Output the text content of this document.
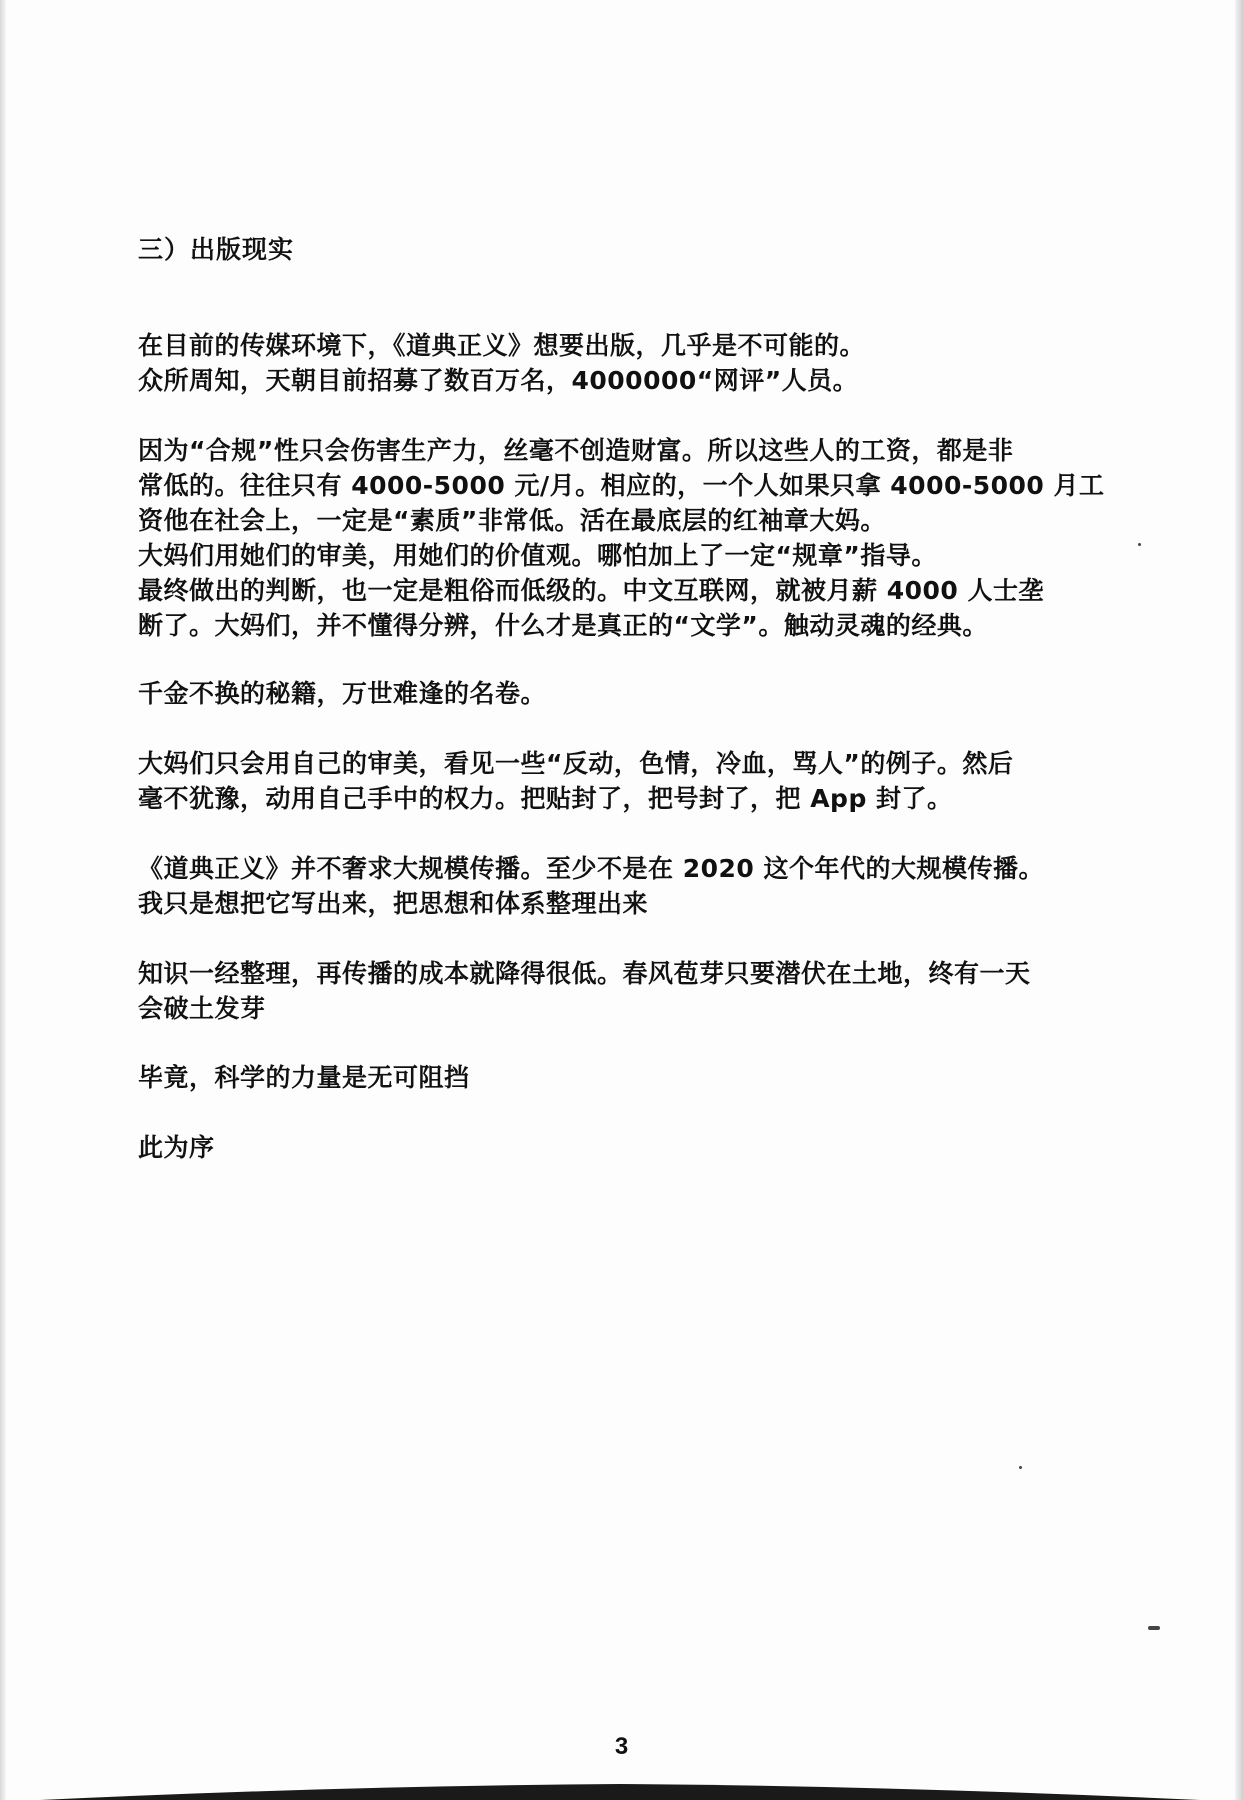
三）出版现实
在目前的传媒环境下，《道典正义》想要出版，几乎是不可能的。
众所周知，天朝目前招募了数百万名，4000000“网评”人员。
因为“合规”性只会伤害生产力，丝毫不创造财富。所以这些人的工资，都是非
常低的。往往只有 4000-5000 元/月。相应的，一个人如果只拿 4000-5000 月工
资他在社会上，一定是“素质”非常低。活在最底层的红袖章大妈。
大妈们用她们的审美，用她们的价值观。哪怕加上了一定“规章”指导。
最终做出的判断，也一定是粗俗而低级的。中文互联网，就被月薪 4000 人士垄
断了。大妈们，并不懂得分辨，什么才是真正的“文学”。触动灵魂的经典。
千金不换的秘籍，万世难逢的名卷。
大妈们只会用自己的审美，看见一些“反动，色情，冷血，骂人”的例子。然后
毫不犹豫，动用自己手中的权力。把贴封了，把号封了，把 App 封了。
《道典正义》并不奢求大规模传播。至少不是在 2020 这个年代的大规模传播。
我只是想把它写出来，把思想和体系整理出来
知识一经整理，再传播的成本就降得很低。春风苞芽只要潜伏在土地，终有一天
会破土发芽
毕竟，科学的力量是无可阻挡
此为序
3
